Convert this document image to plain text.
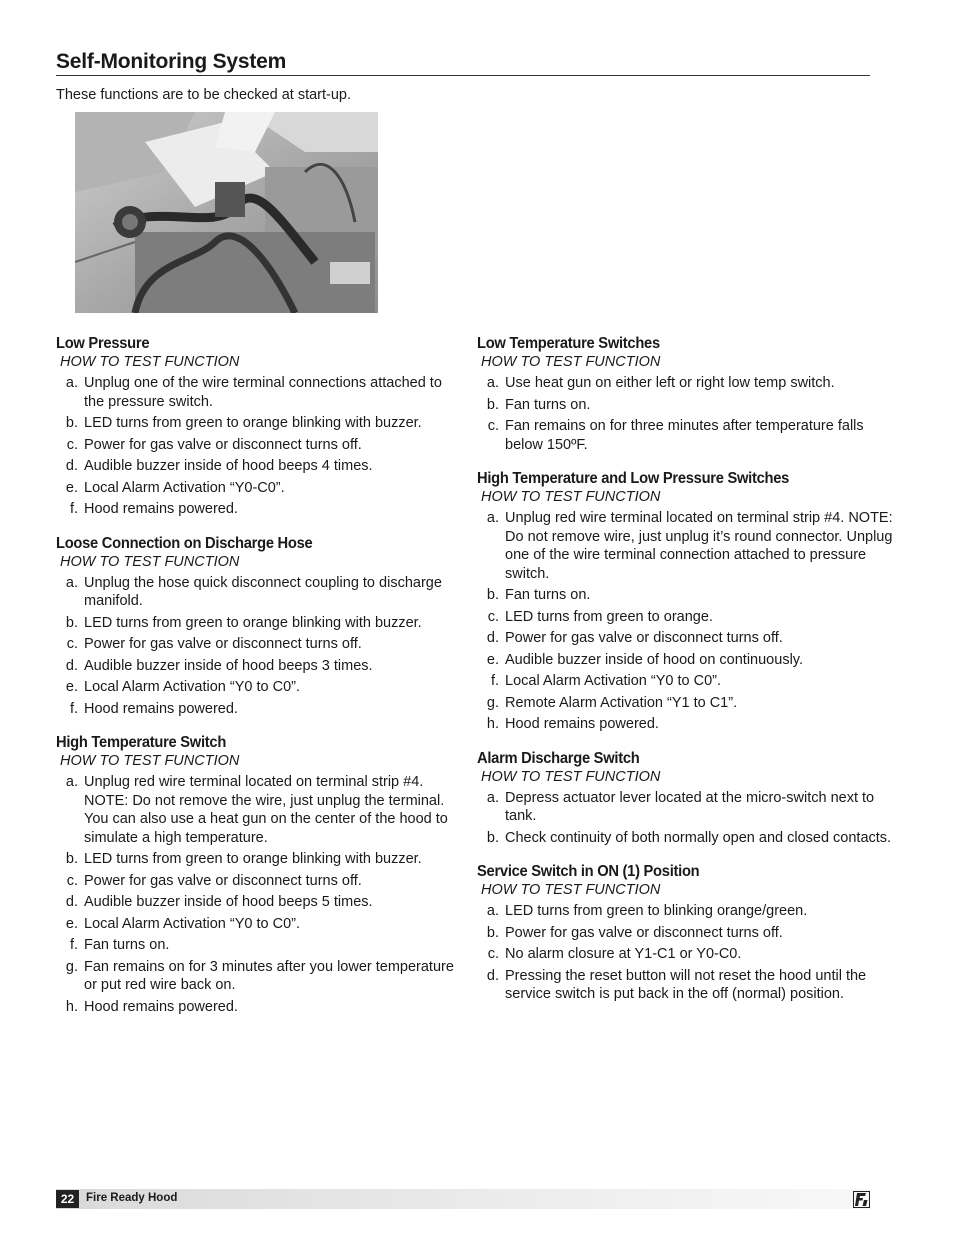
Self-Monitoring System
These functions are to be checked at start-up.
Low Pressure
HOW TO TEST FUNCTION
a. Unplug one of the wire terminal connections attached to the pressure switch.
b. LED turns from green to orange blinking with buzzer.
c. Power for gas valve or disconnect turns off.
d. Audible buzzer inside of hood beeps 4 times.
e. Local Alarm Activation “Y0-C0”.
f. Hood remains powered.
Loose Connection on Discharge Hose
HOW TO TEST FUNCTION
a. Unplug the hose quick disconnect coupling to discharge manifold.
b. LED turns from green to orange blinking with buzzer.
c. Power for gas valve or disconnect turns off.
d. Audible buzzer inside of hood beeps 3 times.
e. Local Alarm Activation “Y0 to C0”.
f. Hood remains powered.
High Temperature Switch
HOW TO TEST FUNCTION
a. Unplug red wire terminal located on terminal strip #4. NOTE: Do not remove the wire, just unplug the terminal. You can also use a heat gun on the center of the hood to simulate a high temperature.
b. LED turns from green to orange blinking with buzzer.
c. Power for gas valve or disconnect turns off.
d. Audible buzzer inside of hood beeps 5 times.
e. Local Alarm Activation “Y0 to C0”.
f. Fan turns on.
g. Fan remains on for 3 minutes after you lower temperature or put red wire back on.
h. Hood remains powered.
Low Temperature Switches
HOW TO TEST FUNCTION
a. Use heat gun on either left or right low temp switch.
b. Fan turns on.
c. Fan remains on for three minutes after temperature falls below 150ºF.
High Temperature and Low Pressure Switches
HOW TO TEST FUNCTION
a. Unplug red wire terminal located on terminal strip #4. NOTE: Do not remove wire, just unplug it’s round connector. Unplug one of the wire terminal connection attached to pressure switch.
b. Fan turns on.
c. LED turns from green to orange.
d. Power for gas valve or disconnect turns off.
e. Audible buzzer inside of hood on continuously.
f. Local Alarm Activation “Y0 to C0”.
g. Remote Alarm Activation “Y1 to C1”.
h. Hood remains powered.
Alarm Discharge Switch
HOW TO TEST FUNCTION
a. Depress actuator lever located at the micro-switch next to tank.
b. Check continuity of both normally open and closed contacts.
Service Switch in ON (1) Position
HOW TO TEST FUNCTION
a. LED turns from green to blinking orange/green.
b. Power for gas valve or disconnect turns off.
c. No alarm closure at Y1-C1 or Y0-C0.
d. Pressing the reset button will not reset the hood until the service switch is put back in the off (normal) position.
22	Fire Ready Hood
